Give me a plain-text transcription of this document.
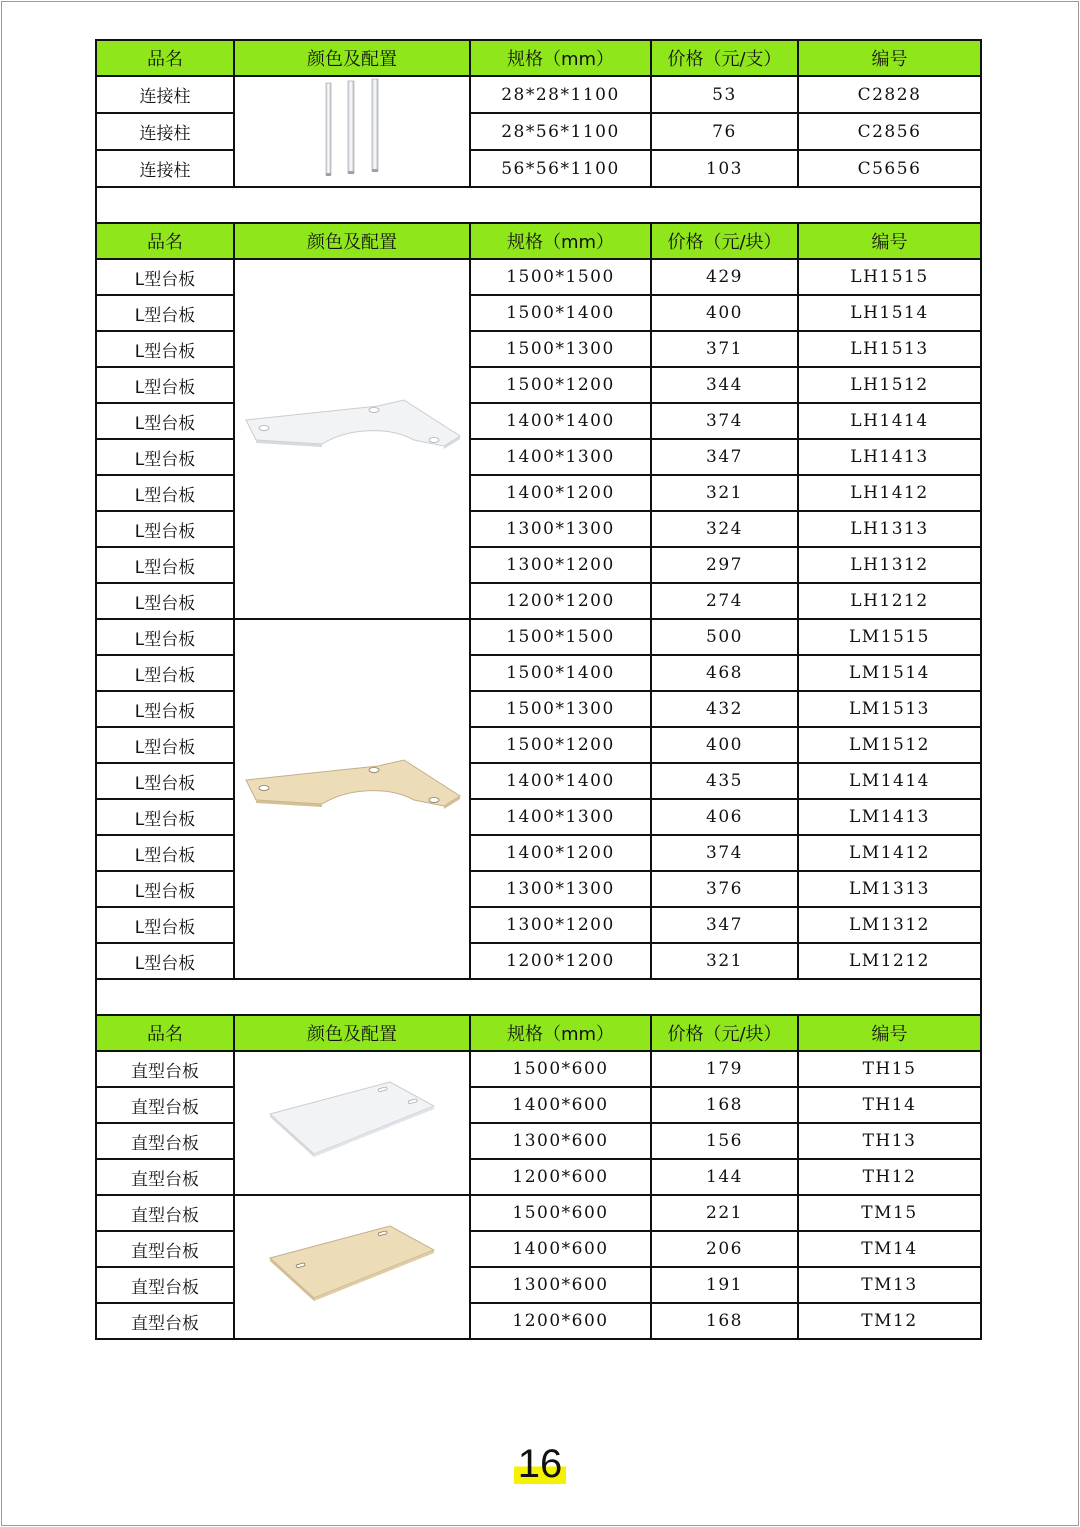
品名	颜色及配置	规格（mm）	价格（元/支）	编号
连接柱		28*28*1100	53	C2828
连接柱		28*56*1100	76	C2856
连接柱		56*56*1100	103	C5656

品名	颜色及配置	规格（mm）	价格（元/块）	编号
L型台板		1500*1500	429	LH1515
L型台板		1500*1400	400	LH1514
L型台板		1500*1300	371	LH1513
L型台板		1500*1200	344	LH1512
L型台板		1400*1400	374	LH1414
L型台板		1400*1300	347	LH1413
L型台板		1400*1200	321	LH1412
L型台板		1300*1300	324	LH1313
L型台板		1300*1200	297	LH1312
L型台板		1200*1200	274	LH1212
L型台板		1500*1500	500	LM1515
L型台板		1500*1400	468	LM1514
L型台板		1500*1300	432	LM1513
L型台板		1500*1200	400	LM1512
L型台板		1400*1400	435	LM1414
L型台板		1400*1300	406	LM1413
L型台板		1400*1200	374	LM1412
L型台板		1300*1300	376	LM1313
L型台板		1300*1200	347	LM1312
L型台板		1200*1200	321	LM1212

品名	颜色及配置	规格（mm）	价格（元/块）	编号
直型台板		1500*600	179	TH15
直型台板		1400*600	168	TH14
直型台板		1300*600	156	TH13
直型台板		1200*600	144	TH12
直型台板		1500*600	221	TM15
直型台板		1400*600	206	TM14
直型台板		1300*600	191	TM13
直型台板		1200*600	168	TM12
16
